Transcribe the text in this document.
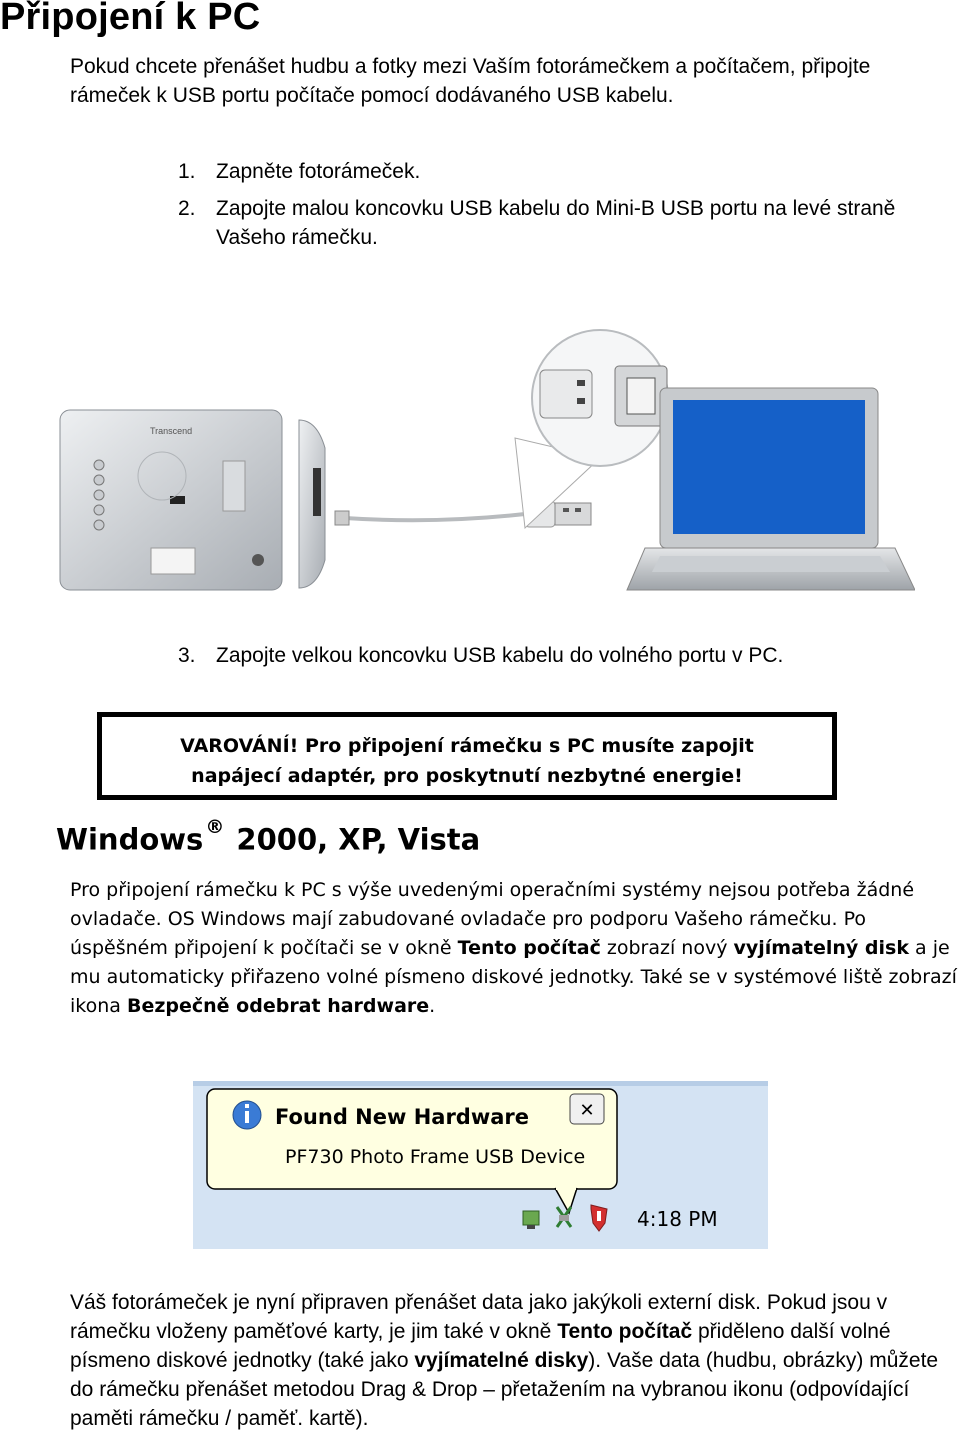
Připojení k PC
Pokud chcete přenášet hudbu a fotky mezi Vaším fotorámečkem a počítačem, připojte rámeček k USB portu počítače pomocí dodávaného USB kabelu.
1. Zapněte fotorámeček.
2. Zapojte malou koncovku USB kabelu do Mini-B USB portu na levé straně Vašeho rámečku.
Transcend
3. Zapojte velkou koncovku USB kabelu do volného portu v PC.
VAROVÁNÍ! Pro připojení rámečku s PC musíte zapojit
napájecí adaptér, pro poskytnutí nezbytné energie!
Windows ® 2000, XP, Vista
Pro připojení rámečku k PC s výše uvedenými operačními systémy nejsou potřeba žádné ovladače. OS Windows mají zabudované ovladače pro podporu Vašeho rámečku. Po úspěšném připojení k počítači se v okně Tento počítač zobrazí nový vyjímatelný disk a je mu automaticky přiřazeno volné písmeno diskové jednotky. Také se v systémové liště zobrazí ikona Bezpečně odebrat hardware.
Found New Hardware
PF730 Photo Frame USB Device
✕
4:18 PM
Váš fotorámeček je nyní připraven přenášet data jako jakýkoli externí disk. Pokud jsou v rámečku vloženy paměťové karty, je jim také v okně Tento počítač přiděleno další volné písmeno diskové jednotky (také jako vyjímatelné disky). Vaše data (hudbu, obrázky) můžete do rámečku přenášet metodou Drag & Drop – přetažením na vybranou ikonu (odpovídající paměti rámečku / paměť. kartě).
